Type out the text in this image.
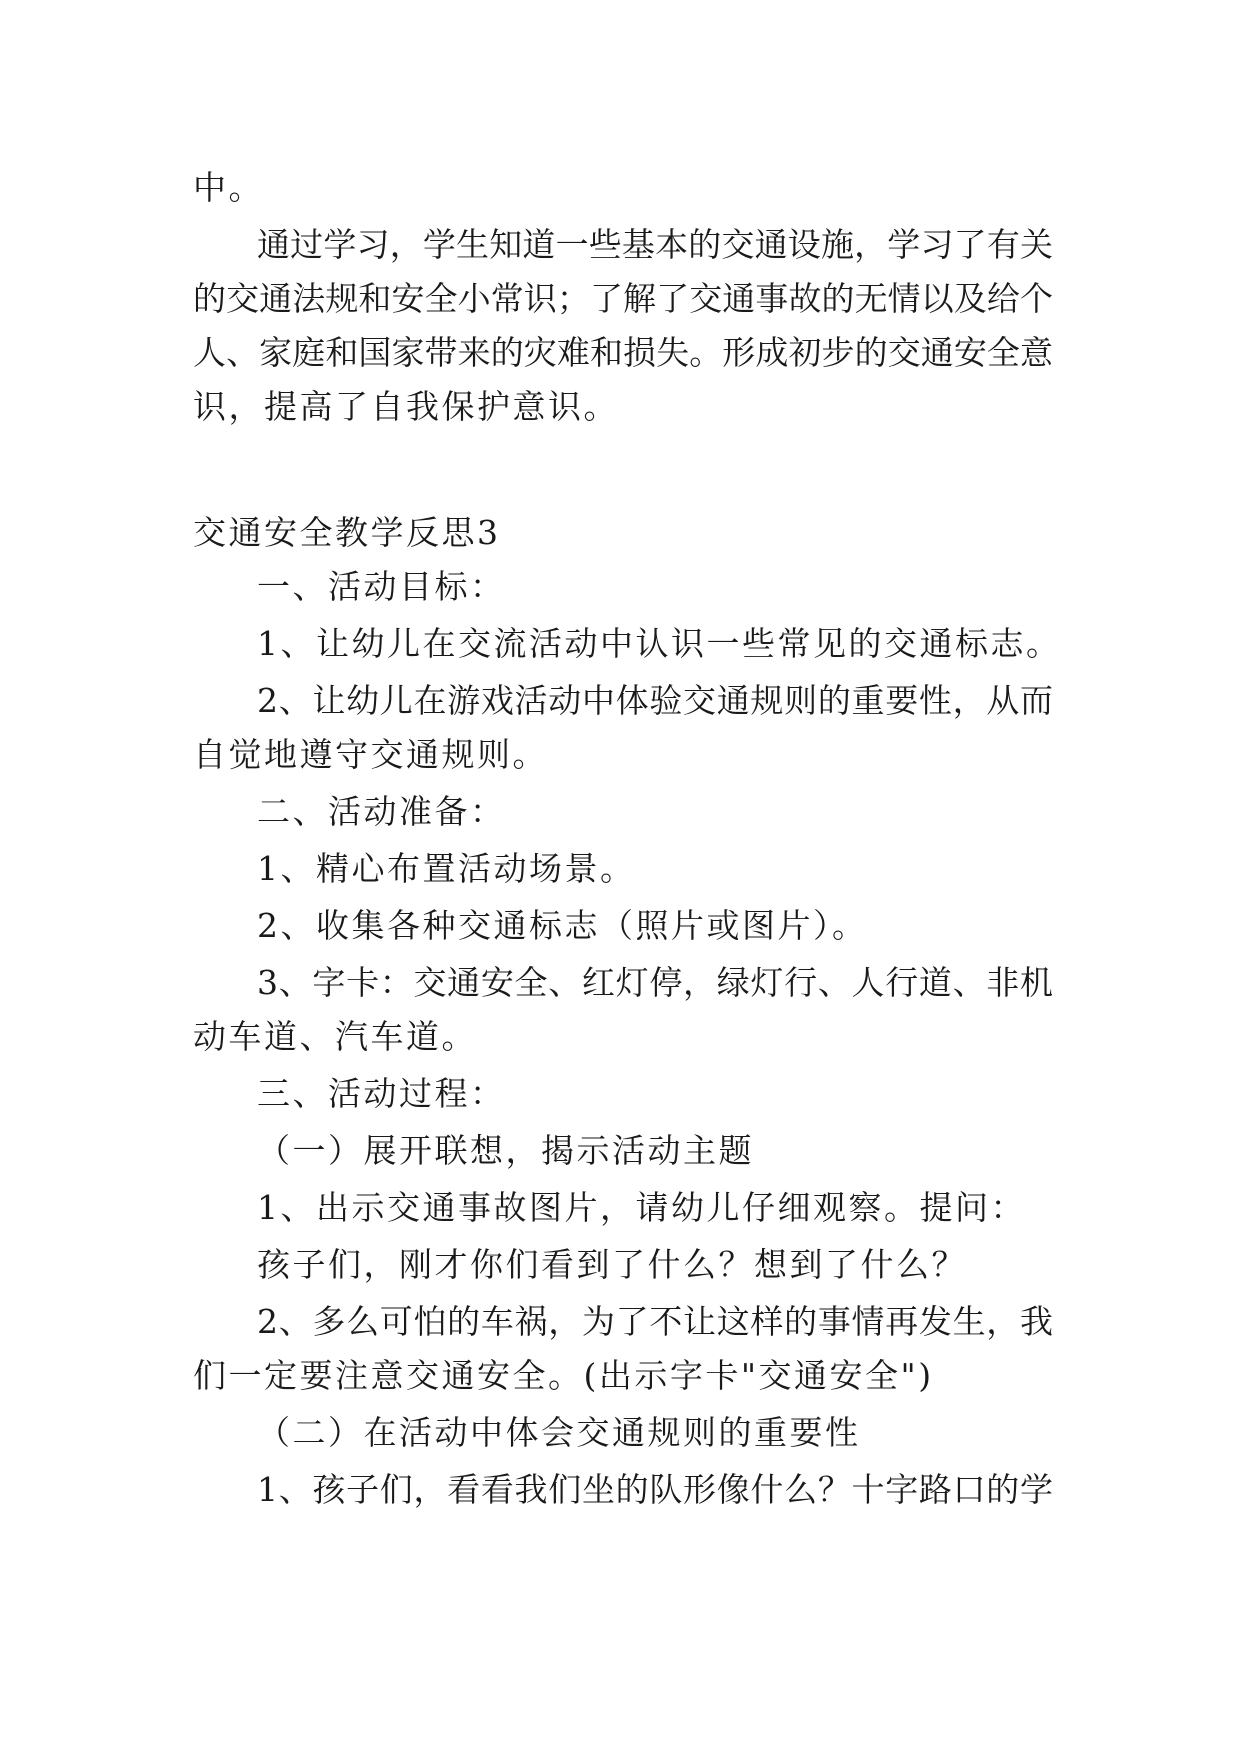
中。
通过学习，学生知道一些基本的交通设施，学习了有关
的交通法规和安全小常识；了解了交通事故的无情以及给个
人、家庭和国家带来的灾难和损失。形成初步的交通安全意
识，提高了自我保护意识。
交通安全教学反思3
一、活动目标：
1、让幼儿在交流活动中认识一些常见的交通标志。
2、让幼儿在游戏活动中体验交通规则的重要性，从而
自觉地遵守交通规则。
二、活动准备：
1、精心布置活动场景。
2、收集各种交通标志（照片或图片）。
3、字卡：交通安全、红灯停，绿灯行、人行道、非机
动车道、汽车道。
三、活动过程：
（一）展开联想，揭示活动主题
1、出示交通事故图片，请幼儿仔细观察。提问：
孩子们，刚才你们看到了什么？想到了什么？
2、多么可怕的车祸，为了不让这样的事情再发生，我
们一定要注意交通安全。(出示字卡"交通安全")
（二）在活动中体会交通规则的重要性
1、孩子们，看看我们坐的队形像什么？十字路口的学
